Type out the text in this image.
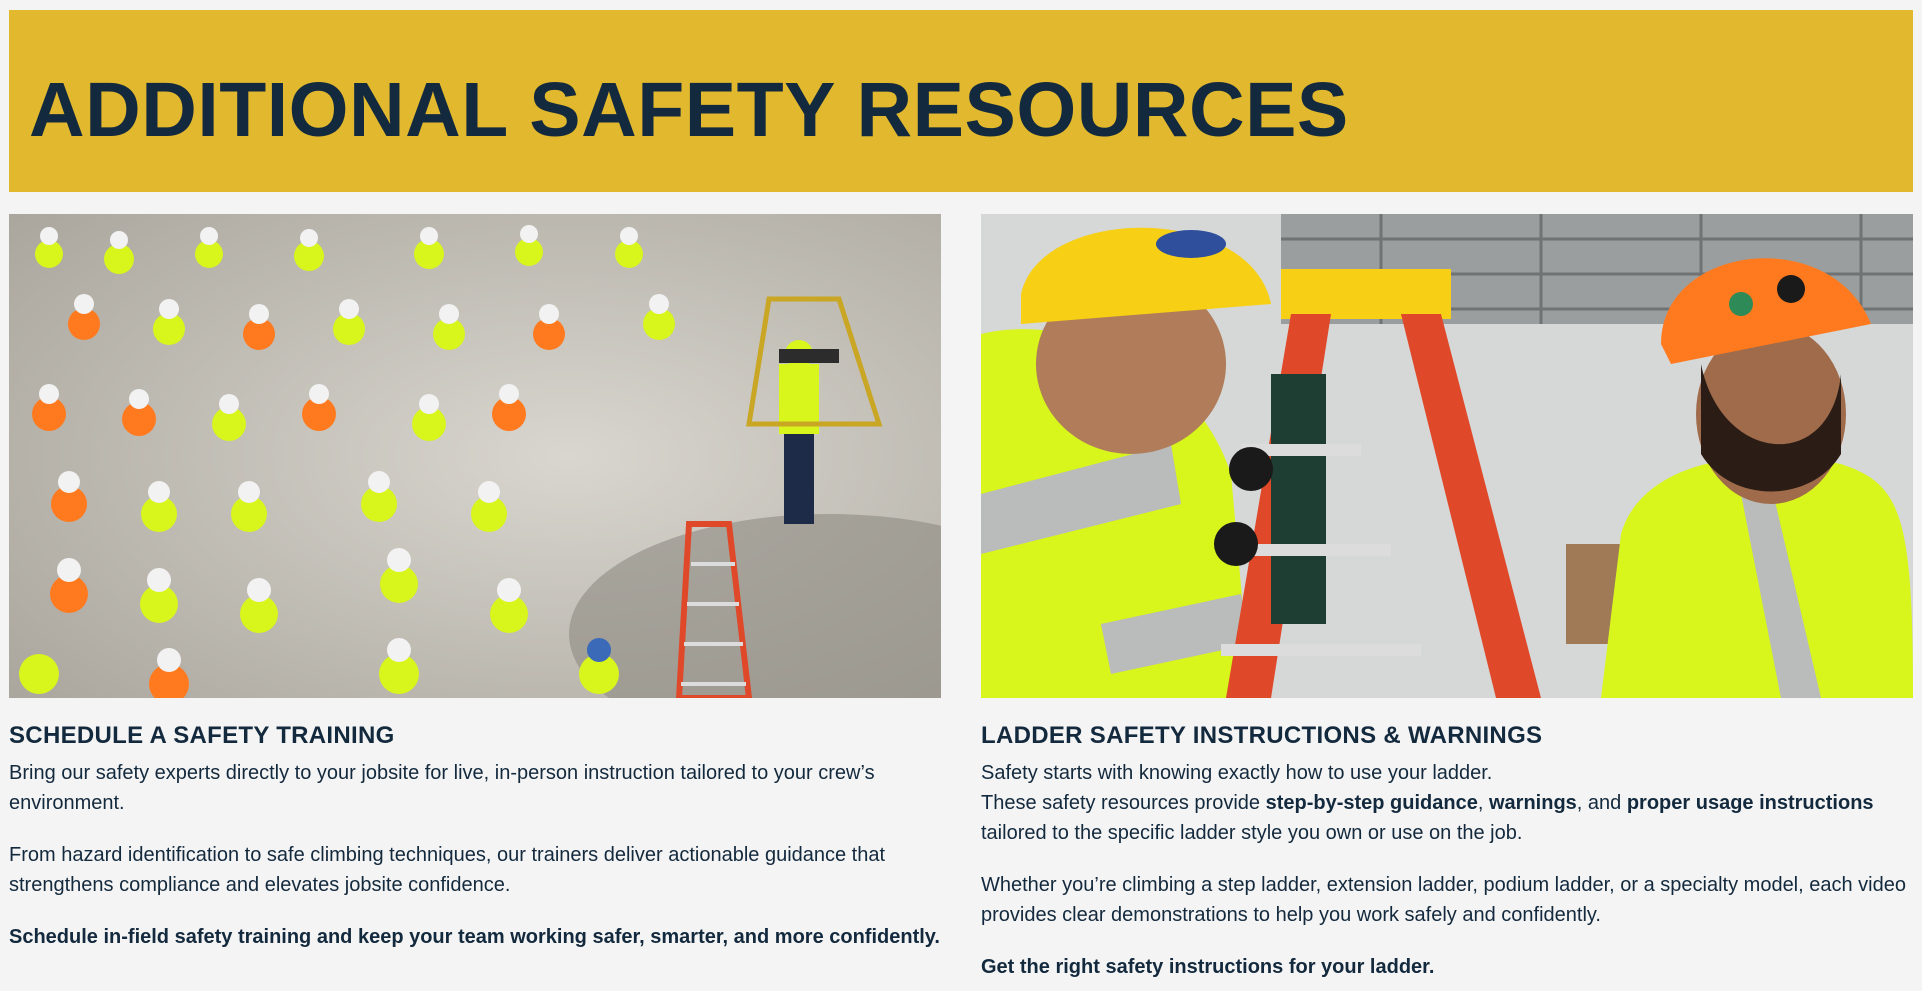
ADDITIONAL SAFETY RESOURCES
SCHEDULE A SAFETY TRAINING

Bring our safety experts directly to your jobsite for live, in-person instruction tailored to your crew’s environment.

From hazard identification to safe climbing techniques, our trainers deliver actionable guidance that strengthens compliance and elevates jobsite confidence.

Schedule in-field safety training and keep your team working safer, smarter, and more confidently.

LADDER SAFETY INSTRUCTIONS & WARNINGS

Safety starts with knowing exactly how to use your ladder.
These safety resources provide step-by-step guidance, warnings, and proper usage instructions tailored to the specific ladder style you own or use on the job.

Whether you’re climbing a step ladder, extension ladder, podium ladder, or a specialty model, each video provides clear demonstrations to help you work safely and confidently.

Get the right safety instructions for your ladder.
